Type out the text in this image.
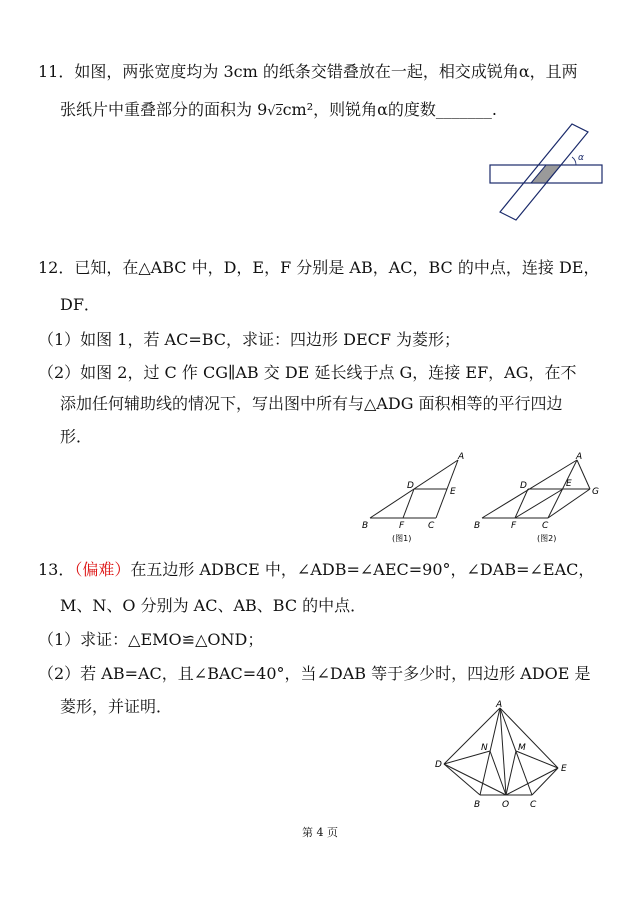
11．如图，两张宽度均为 3cm 的纸条交错叠放在一起，相交成锐角α，且两
张纸片中重叠部分的面积为 9√2cm²，则锐角α的度数_______.
α
12．已知，在△ABC 中，D，E，F 分别是 AB，AC，BC 的中点，连接 DE，
DF．
（1）如图 1，若 AC=BC，求证：四边形 DECF 为菱形；
（2）如图 2，过 C 作 CG∥AB 交 DE 延长线于点 G，连接 EF，AG，在不
添加任何辅助线的情况下，写出图中所有与△ADG 面积相等的平行四边
形．
A
B	C
D
E
F
(图1)
A
B	C
D	E
F
G
(图2)
13．（偏难）在五边形 ADBCE 中，∠ADB=∠AEC=90°，∠DAB=∠EAC，
M、N、O 分别为 AC、AB、BC 的中点．
（1）求证：△EMO≌△OND；
（2）若 AB=AC，且∠BAC=40°，当∠DAB 等于多少时，四边形 ADOE 是
菱形，并证明．	A
N	M
D	E
B O C
第 4 页
